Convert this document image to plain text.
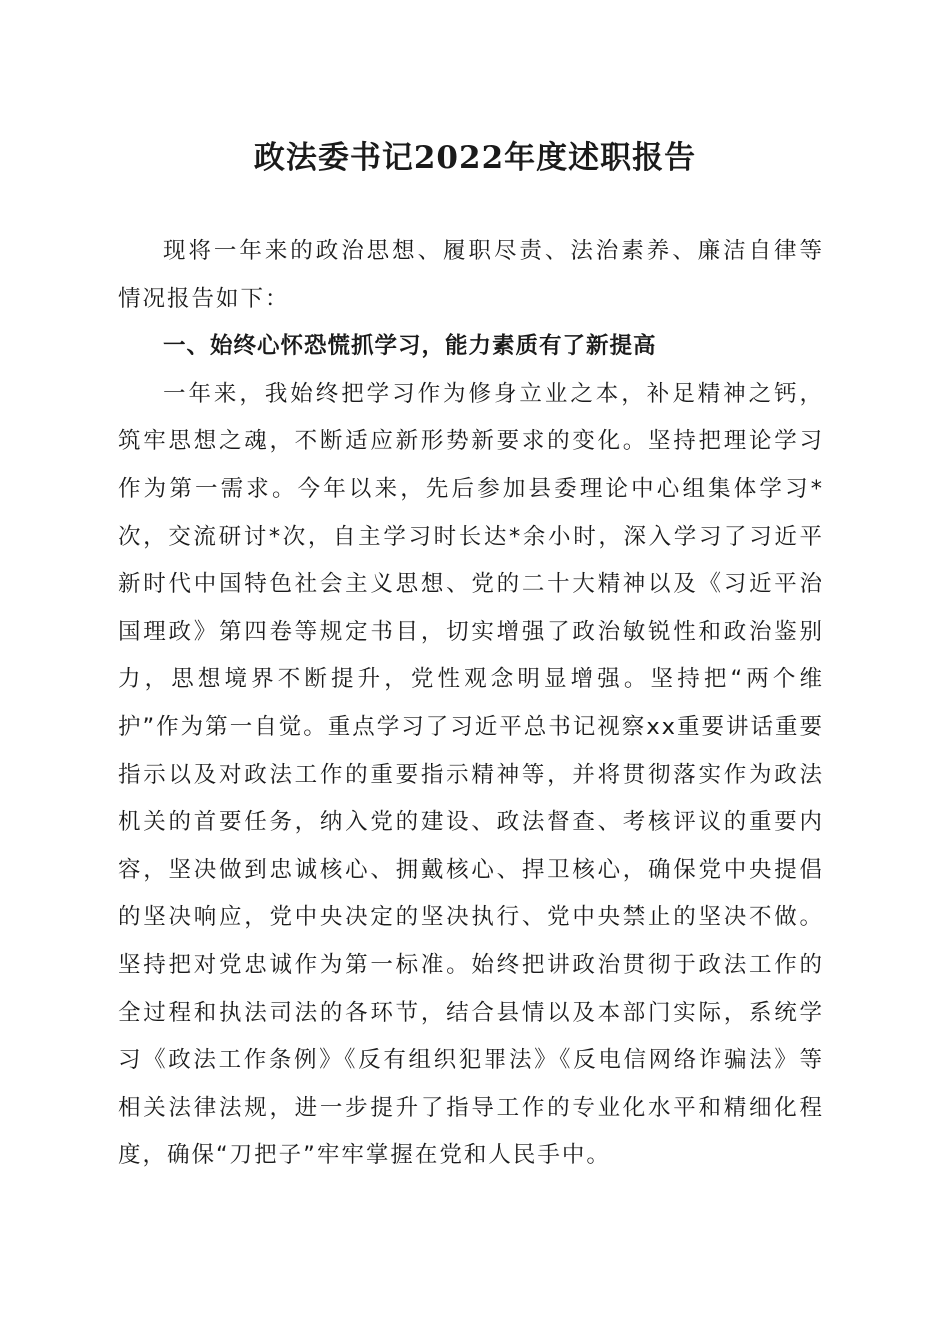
政法委书记2022年度述职报告

现将一年来的政治思想、履职尽责、法治素养、廉洁自律等情况报告如下：

一、始终心怀恐慌抓学习，能力素质有了新提高

一年来，我始终把学习作为修身立业之本，补足精神之钙，筑牢思想之魂，不断适应新形势新要求的变化。坚持把理论学习作为第一需求。今年以来，先后参加县委理论中心组集体学习*次，交流研讨*次，自主学习时长达*余小时，深入学习了习近平新时代中国特色社会主义思想、党的二十大精神以及《习近平治国理政》第四卷等规定书目，切实增强了政治敏锐性和政治鉴别力，思想境界不断提升，党性观念明显增强。坚持把“两个维护”作为第一自觉。重点学习了习近平总书记视察xx重要讲话重要指示以及对政法工作的重要指示精神等，并将贯彻落实作为政法机关的首要任务，纳入党的建设、政法督查、考核评议的重要内容，坚决做到忠诚核心、拥戴核心、捍卫核心，确保党中央提倡的坚决响应，党中央决定的坚决执行、党中央禁止的坚决不做。坚持把对党忠诚作为第一标准。始终把讲政治贯彻于政法工作的全过程和执法司法的各环节，结合县情以及本部门实际，系统学习《政法工作条例》《反有组织犯罪法》《反电信网络诈骗法》等相关法律法规，进一步提升了指导工作的专业化水平和精细化程度，确保“刀把子”牢牢掌握在党和人民手中。
